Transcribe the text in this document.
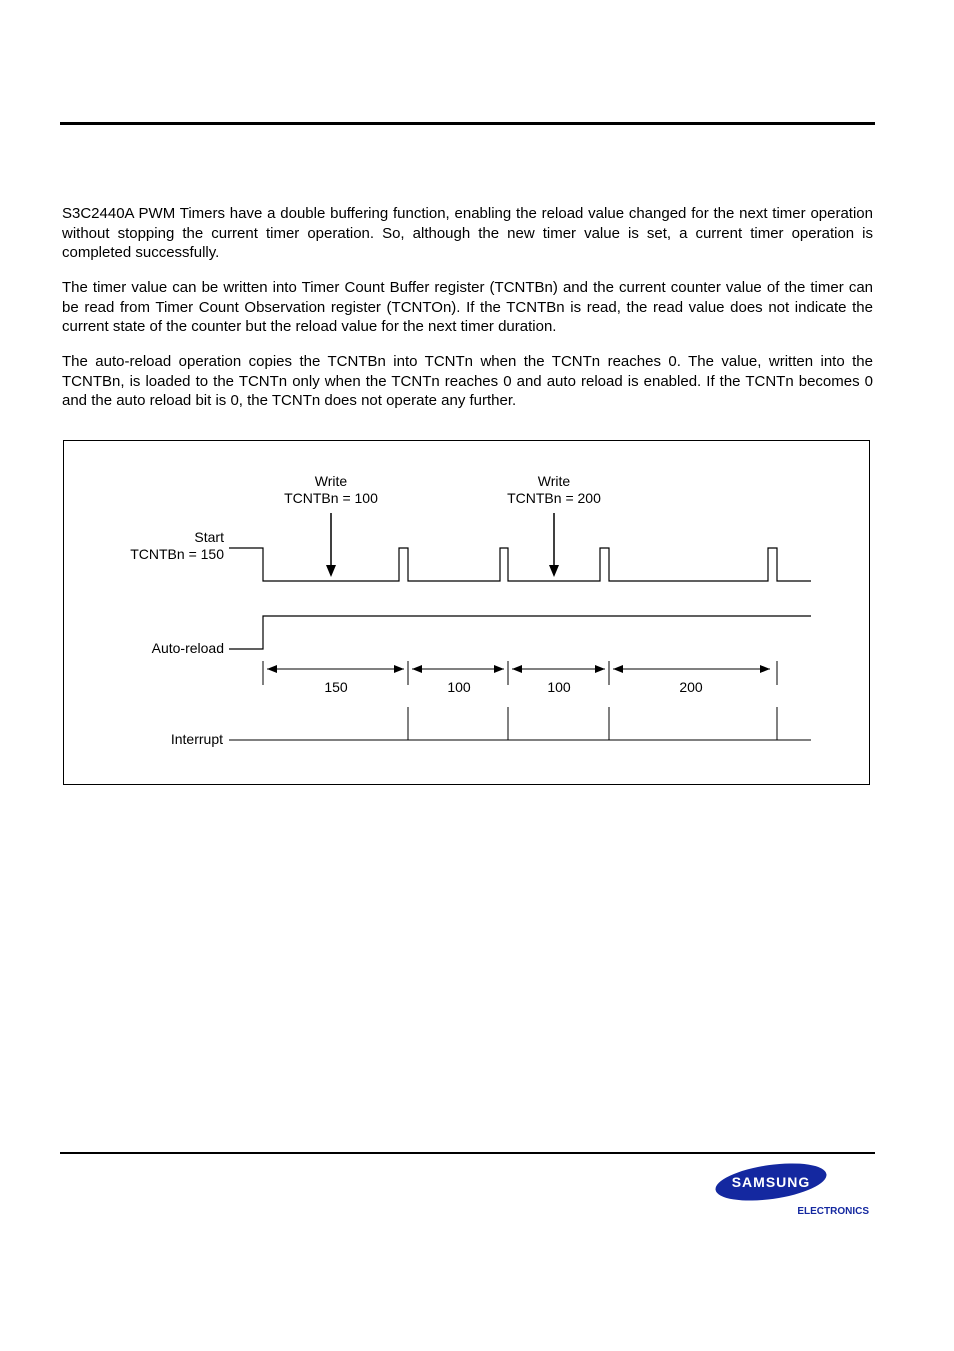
S3C2440A PWM Timers have a double buffering function, enabling the reload value changed for the next timer operation without stopping the current timer operation. So, although the new timer value is set, a current timer operation is completed successfully.

The timer value can be written into Timer Count Buffer register (TCNTBn) and the current counter value of the timer can be read from Timer Count Observation register (TCNTOn). If the TCNTBn is read, the read value does not indicate the current state of the counter but the reload value for the next timer duration.

The auto-reload operation copies the TCNTBn into TCNTn when the TCNTn reaches 0. The value, written into the TCNTBn, is loaded to the TCNTn only when the TCNTn reaches 0 and auto reload is enabled. If the TCNTn becomes 0 and the auto reload bit is 0, the TCNTn does not operate any further.

Write
TCNTBn = 100
Write
TCNTBn = 200
Start
TCNTBn = 150
Auto-reload
150	100	100	200
Interrupt
SAMSUNG
ELECTRONICS
